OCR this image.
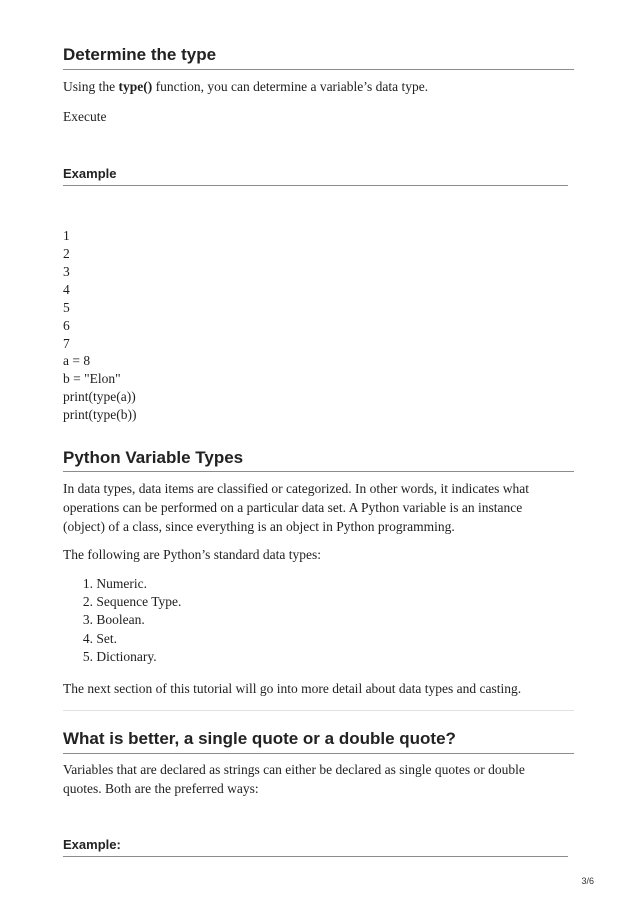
Determine the type

Using the type() function, you can determine a variable’s data type.

Execute

Example

1

2

3

4

5

6

7

a = 8

b = "Elon"

print(type(a))

print(type(b))

Python Variable Types

In data types, data items are classified or categorized. In other words, it indicates what operations can be performed on a particular data set. A Python variable is an instance (object) of a class, since everything is an object in Python programming.

The following are Python’s standard data types:

1. Numeric.
2. Sequence Type.
3. Boolean.
4. Set.
5. Dictionary.

The next section of this tutorial will go into more detail about data types and casting.

What is better, a single quote or a double quote?

Variables that are declared as strings can either be declared as single quotes or double quotes. Both are the preferred ways:

Example:
3/6
